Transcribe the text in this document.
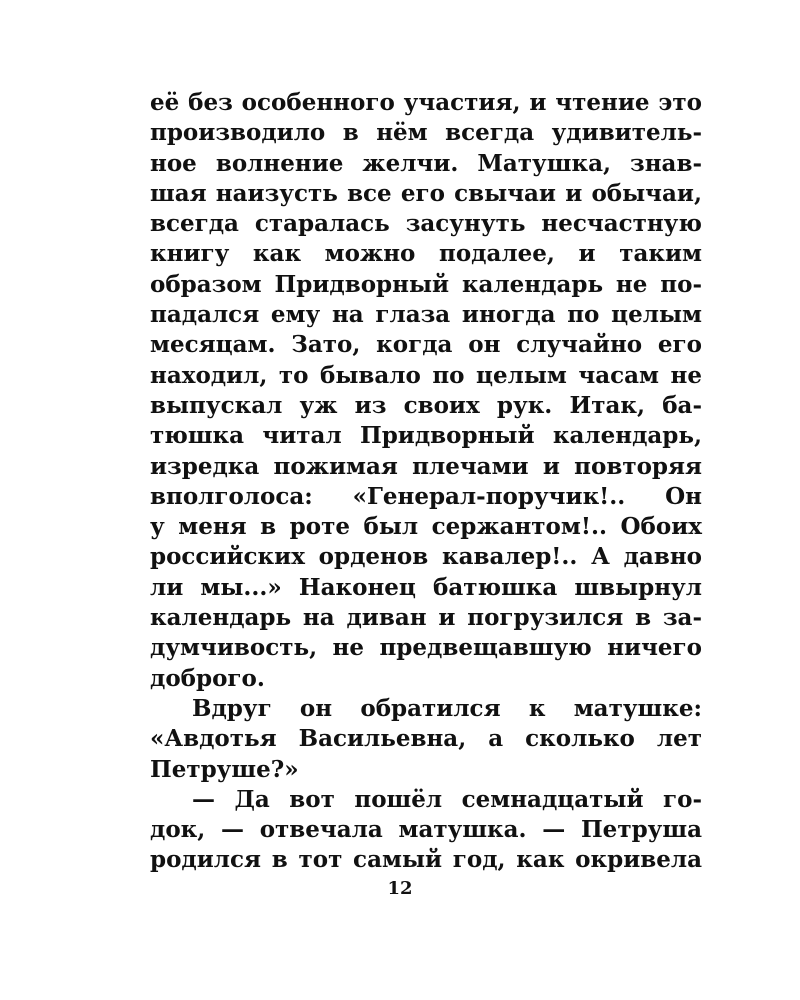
её без особенного участия, и чтение это
производило в нём всегда удивитель-
ное волнение желчи. Матушка, знав-
шая наизусть все его свычаи и обычаи,
всегда старалась засунуть несчастную
книгу как можно подалее, и таким
образом Придворный календарь не по-
падался ему на глаза иногда по целым
месяцам. Зато, когда он случайно его
находил, то бывало по целым часам не
выпускал уж из своих рук. Итак, ба-
тюшка читал Придворный календарь,
изредка пожимая плечами и повторяя
вполголоса: «Генерал-поручик!.. Он
у меня в роте был сержантом!.. Обоих
российских орденов кавалер!.. А давно
ли мы...» Наконец батюшка швырнул
календарь на диван и погрузился в за-
думчивость, не предвещавшую ничего
доброго.
Вдруг он обратился к матушке:
«Авдотья Васильевна, а сколько лет
Петруше?»
— Да вот пошёл семнадцатый го-
док, — отвечала матушка. — Петруша
родился в тот самый год, как окривела
12
